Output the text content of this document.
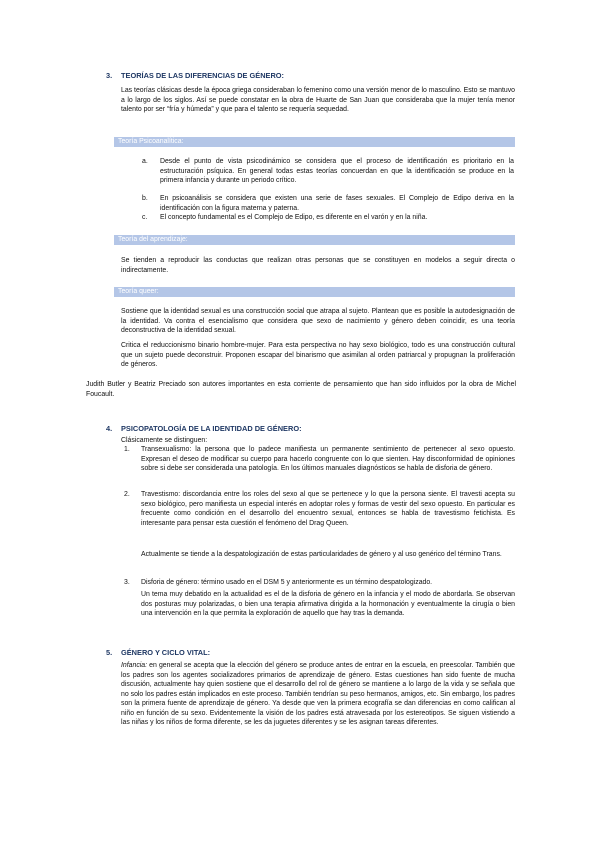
3. TEORÍAS DE LAS DIFERENCIAS DE GÉNERO:

Las teorías clásicas desde la época griega consideraban lo femenino como una versión menor de lo masculino. Esto se mantuvo a lo largo de los siglos. Así se puede constatar en la obra de Huarte de San Juan que consideraba que la mujer tenía menor talento por ser “fría y húmeda” y que para el talento se requería sequedad.

Teoría Psicoanalítica:
a. Desde el punto de vista psicodinámico se considera que el proceso de identificación es prioritario en la estructuración psíquica. En general todas estas teorías concuerdan en que la identificación se produce en la primera infancia y durante un periodo crítico.

b. En psicoanálisis se considera que existen una serie de fases sexuales. El Complejo de Edipo deriva en la identificación con la figura materna y paterna.

c. El concepto fundamental es el Complejo de Edipo, es diferente en el varón y en la niña.

Teoría del aprendizaje:

Se tienden a reproducir las conductas que realizan otras personas que se constituyen en modelos a seguir directa o indirectamente.

Teoría queer:

Sostiene que la identidad sexual es una construcción social que atrapa al sujeto. Plantean que es posible la autodesignación de la identidad. Va contra el esencialismo que considera que sexo de nacimiento y género deben coincidir, es una teoría deconstructiva de la identidad sexual.

Critica el reduccionismo binario hombre-mujer. Para esta perspectiva no hay sexo biológico, todo es una construcción cultural que un sujeto puede deconstruir. Proponen escapar del binarismo que asimilan al orden patriarcal y propugnan la proliferación de géneros.

Judith Butler y Beatriz Preciado son autores importantes en esta corriente de pensamiento que han sido influidos por la obra de Michel Foucault.

4. PSICOPATOLOGÍA DE LA IDENTIDAD DE GÉNERO:

Clásicamente se distinguen:

1. Transexualismo: la persona que lo padece manifiesta un permanente sentimiento de pertenecer al sexo opuesto. Expresan el deseo de modificar su cuerpo para hacerlo congruente con lo que sienten. Hay disconformidad de opiniones sobre si debe ser considerada una patología. En los últimos manuales diagnósticos se habla de disforia de género.

2. Travestismo: discordancia entre los roles del sexo al que se pertenece y lo que la persona siente. El travesti acepta su sexo biológico, pero manifiesta un especial interés en adoptar roles y formas de vestir del sexo opuesto. En particular es frecuente como condición en el desarrollo del encuentro sexual, entonces se habla de travestismo fetichista. Es interesante para pensar esta cuestión el fenómeno del Drag Queen.

Actualmente se tiende a la despatologización de estas particularidades de género y al uso genérico del término Trans.

3. Disforia de género: término usado en el DSM 5 y anteriormente es un término despatologizado.

Un tema muy debatido en la actualidad es el de la disforia de género en la infancia y el modo de abordarla. Se observan dos posturas muy polarizadas, o bien una terapia afirmativa dirigida a la hormonación y eventualmente la cirugía o bien una intervención en la que permita la exploración de aquello que hay tras la demanda.

5. GÉNERO Y CICLO VITAL:

Infancia: en general se acepta que la elección del género se produce antes de entrar en la escuela, en preescolar. También que los padres son los agentes socializadores primarios de aprendizaje de género. Estas cuestiones han sido fuente de mucha discusión, actualmente hay quien sostiene que el desarrollo del rol de género se mantiene a lo largo de la vida y se señala que no solo los padres están implicados en este proceso. También tendrían su peso hermanos, amigos, etc. Sin embargo, los padres son la primera fuente de aprendizaje de género. Ya desde que ven la primera ecografía se dan diferencias en como califican al niño en función de su sexo. Evidentemente la visión de los padres está atravesada por los estereotipos. Se siguen vistiendo a las niñas y los niños de forma diferente, se les da juguetes diferentes y se les asignan tareas diferentes.
